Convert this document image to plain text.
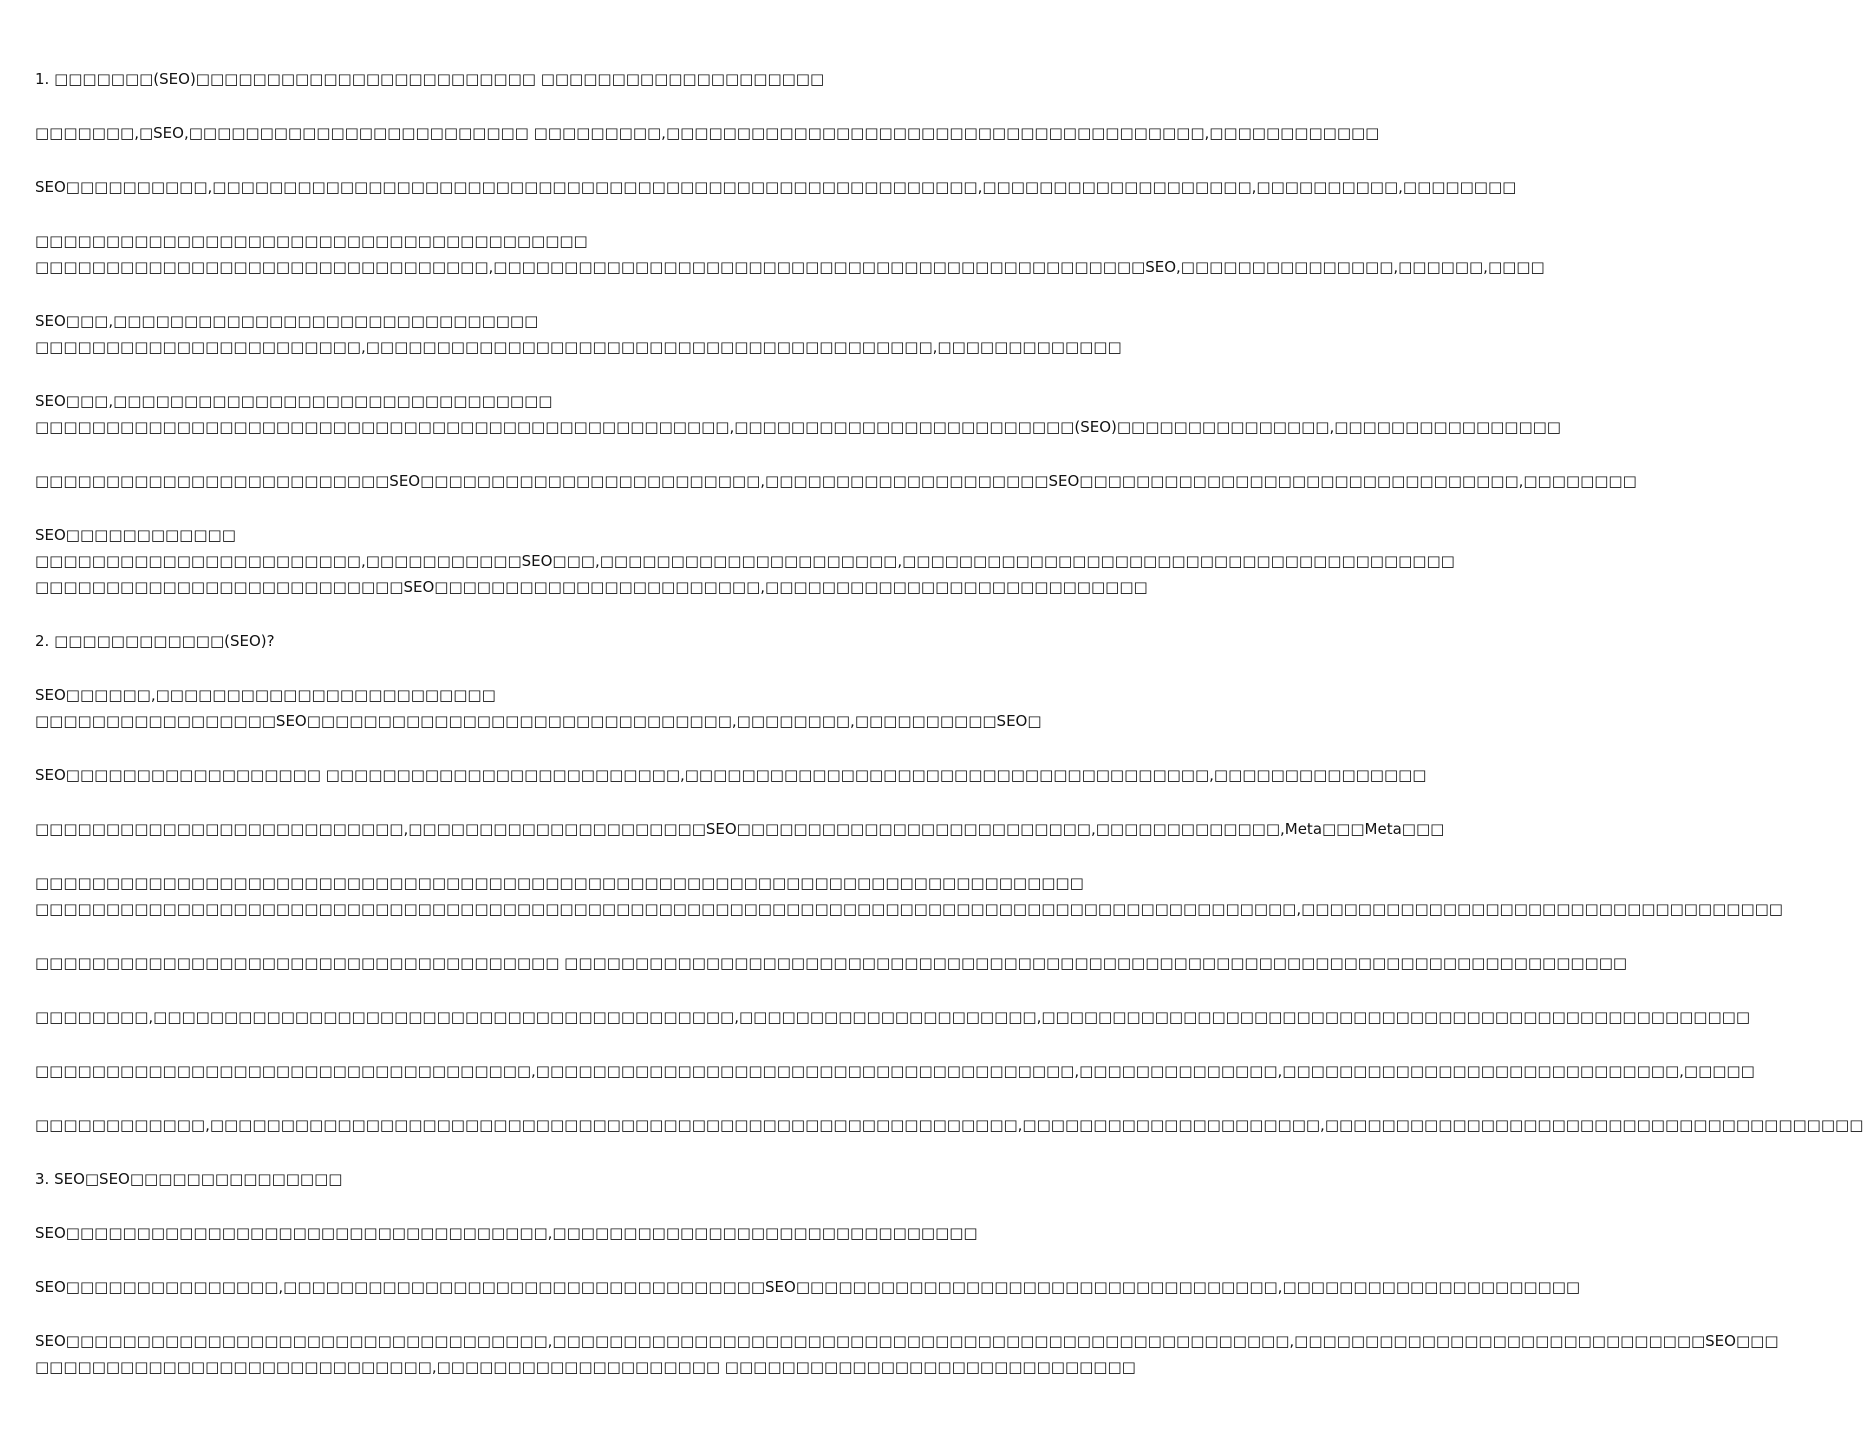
1. □□□□□□□(SEO)□□□□□□□□□□□□□□□□□□□□□□□□ □□□□□□□□□□□□□□□□□□□□

□□□□□□□,□SEO,□□□□□□□□□□□□□□□□□□□□□□□□ □□□□□□□□□,□□□□□□□□□□□□□□□□□□□□□□□□□□□□□□□□□□□□□□,□□□□□□□□□□□□

SEO□□□□□□□□□□,□□□□□□□□□□□□□□□□□□□□□□□□□□□□□□□□□□□□□□□□□□□□□□□□□□□□□□,□□□□□□□□□□□□□□□□□□□,□□□□□□□□□□,□□□□□□□□

□□□□□□□□□□□□□□□□□□□□□□□□□□□□□□□□□□□□□□□
□□□□□□□□□□□□□□□□□□□□□□□□□□□□□□□□,□□□□□□□□□□□□□□□□□□□□□□□□□□□□□□□□□□□□□□□□□□□□□□SEO,□□□□□□□□□□□□□□□,□□□□□□,□□□□

SEO□□□,□□□□□□□□□□□□□□□□□□□□□□□□□□□□□□
□□□□□□□□□□□□□□□□□□□□□□□,□□□□□□□□□□□□□□□□□□□□□□□□□□□□□□□□□□□□□□□□,□□□□□□□□□□□□□

SEO□□□,□□□□□□□□□□□□□□□□□□□□□□□□□□□□□□□
□□□□□□□□□□□□□□□□□□□□□□□□□□□□□□□□□□□□□□□□□□□□□□□□□,□□□□□□□□□□□□□□□□□□□□□□□□(SEO)□□□□□□□□□□□□□□□,□□□□□□□□□□□□□□□□

□□□□□□□□□□□□□□□□□□□□□□□□□SEO□□□□□□□□□□□□□□□□□□□□□□□□,□□□□□□□□□□□□□□□□□□□□SEO□□□□□□□□□□□□□□□□□□□□□□□□□□□□□□□,□□□□□□□□

SEO□□□□□□□□□□□□
□□□□□□□□□□□□□□□□□□□□□□□,□□□□□□□□□□□SEO□□□,□□□□□□□□□□□□□□□□□□□□□,□□□□□□□□□□□□□□□□□□□□□□□□□□□□□□□□□□□□□□□
□□□□□□□□□□□□□□□□□□□□□□□□□□SEO□□□□□□□□□□□□□□□□□□□□□□□,□□□□□□□□□□□□□□□□□□□□□□□□□□□

2. □□□□□□□□□□□□(SEO)?

SEO□□□□□□,□□□□□□□□□□□□□□□□□□□□□□□□
□□□□□□□□□□□□□□□□□SEO□□□□□□□□□□□□□□□□□□□□□□□□□□□□□□,□□□□□□□□,□□□□□□□□□□SEO□

SEO□□□□□□□□□□□□□□□□□□ □□□□□□□□□□□□□□□□□□□□□□□□□,□□□□□□□□□□□□□□□□□□□□□□□□□□□□□□□□□□□□□,□□□□□□□□□□□□□□□

□□□□□□□□□□□□□□□□□□□□□□□□□□,□□□□□□□□□□□□□□□□□□□□□SEO□□□□□□□□□□□□□□□□□□□□□□□□□,□□□□□□□□□□□□□,Meta□□□Meta□□□

□□□□□□□□□□□□□□□□□□□□□□□□□□□□□□□□□□□□□□□□□□□□□□□□□□□□□□□□□□□□□□□□□□□□□□□□□□
□□□□□□□□□□□□□□□□□□□□□□□□□□□□□□□□□□□□□□□□□□□□□□□□□□□□□□□□□□□□□□□□□□□□□□□□□□□□□□□□□□□□□□□□□,□□□□□□□□□□□□□□□□□□□□□□□□□□□□□□□□□□

□□□□□□□□□□□□□□□□□□□□□□□□□□□□□□□□□□□□□ □□□□□□□□□□□□□□□□□□□□□□□□□□□□□□□□□□□□□□□□□□□□□□□□□□□□□□□□□□□□□□□□□□□□□□□□□□□

□□□□□□□□,□□□□□□□□□□□□□□□□□□□□□□□□□□□□□□□□□□□□□□□□□,□□□□□□□□□□□□□□□□□□□□□,□□□□□□□□□□□□□□□□□□□□□□□□□□□□□□□□□□□□□□□□□□□□□□□□□□

□□□□□□□□□□□□□□□□□□□□□□□□□□□□□□□□□□□,□□□□□□□□□□□□□□□□□□□□□□□□□□□□□□□□□□□□□□,□□□□□□□□□□□□□□,□□□□□□□□□□□□□□□□□□□□□□□□□□□□,□□□□□

□□□□□□□□□□□□,□□□□□□□□□□□□□□□□□□□□□□□□□□□□□□□□□□□□□□□□□□□□□□□□□□□□□□□□□,□□□□□□□□□□□□□□□□□□□□□,□□□□□□□□□□□□□□□□□□□□□□□□□□□□□□□□□□□□□□

3. SEO□SEO□□□□□□□□□□□□□□□

SEO□□□□□□□□□□□□□□□□□□□□□□□□□□□□□□□□□□,□□□□□□□□□□□□□□□□□□□□□□□□□□□□□□

SEO□□□□□□□□□□□□□□□,□□□□□□□□□□□□□□□□□□□□□□□□□□□□□□□□□□SEO□□□□□□□□□□□□□□□□□□□□□□□□□□□□□□□□□□,□□□□□□□□□□□□□□□□□□□□□

SEO□□□□□□□□□□□□□□□□□□□□□□□□□□□□□□□□□□,□□□□□□□□□□□□□□□□□□□□□□□□□□□□□□□□□□□□□□□□□□□□□□□□□□□□,□□□□□□□□□□□□□□□□□□□□□□□□□□□□□SEO□□□
□□□□□□□□□□□□□□□□□□□□□□□□□□□□,□□□□□□□□□□□□□□□□□□□□ □□□□□□□□□□□□□□□□□□□□□□□□□□□□□
